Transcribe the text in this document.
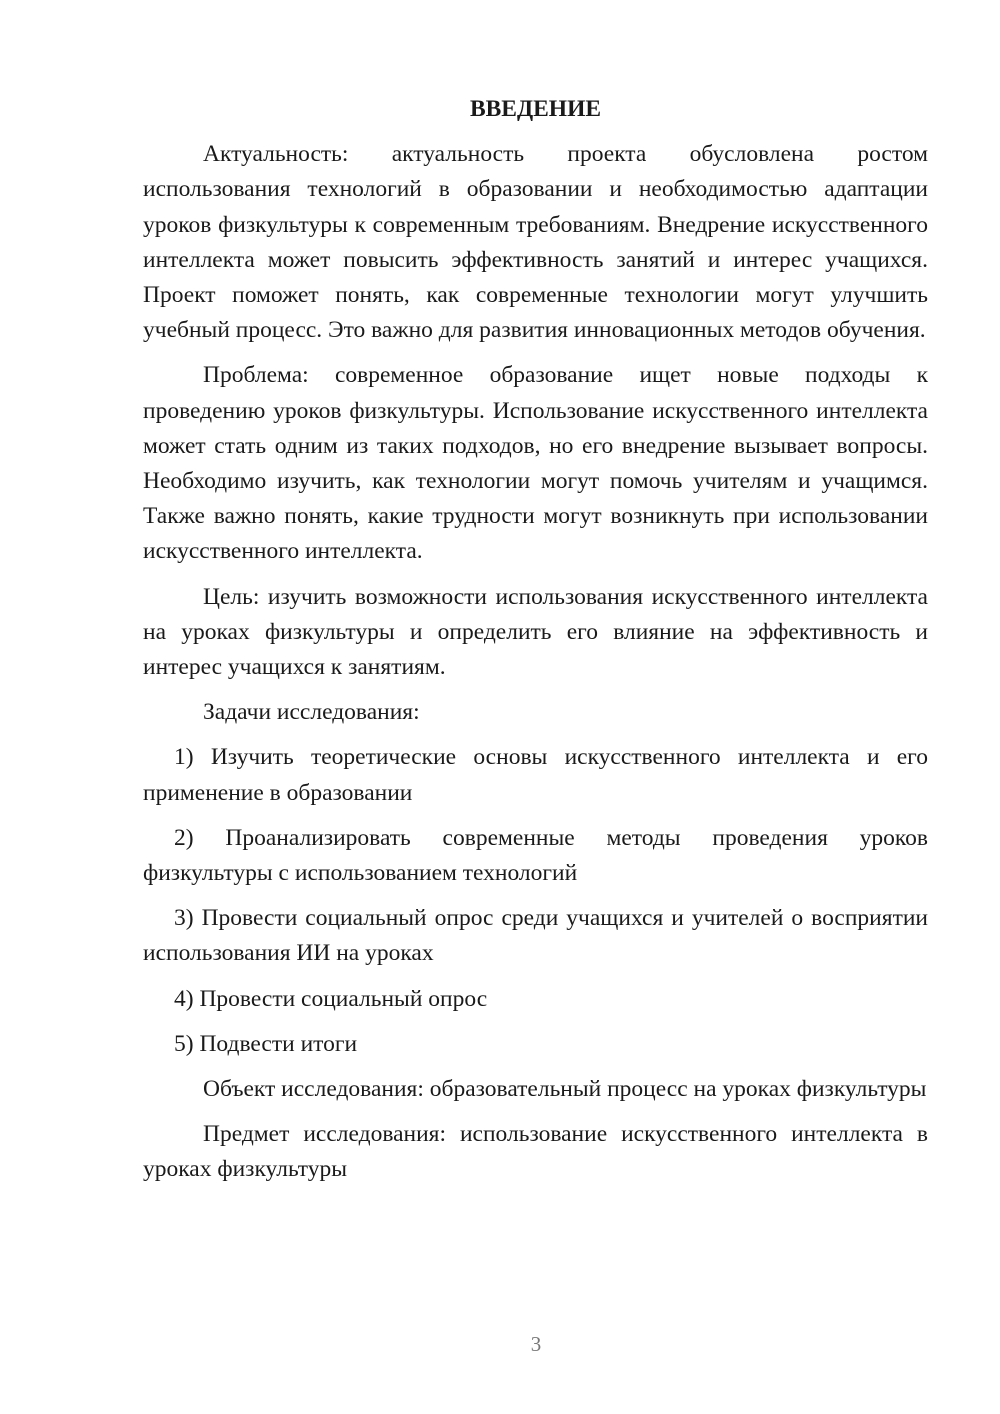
ВВЕДЕНИЕ

Актуальность: актуальность проекта обусловлена ростом использования технологий в образовании и необходимостью адаптации уроков физкультуры к современным требованиям. Внедрение искусственного интеллекта может повысить эффективность занятий и интерес учащихся. Проект поможет понять, как современные технологии могут улучшить учебный процесс. Это важно для развития инновационных методов обучения.

Проблема: современное образование ищет новые подходы к проведению уроков физкультуры. Использование искусственного интеллекта может стать одним из таких подходов, но его внедрение вызывает вопросы. Необходимо изучить, как технологии могут помочь учителям и учащимся. Также важно понять, какие трудности могут возникнуть при использовании искусственного интеллекта.

Цель: изучить возможности использования искусственного интеллекта на уроках физкультуры и определить его влияние на эффективность и интерес учащихся к занятиям.

Задачи исследования:

1) Изучить теоретические основы искусственного интеллекта и его применение в образовании

2) Проанализировать современные методы проведения уроков физкультуры с использованием технологий

3) Провести социальный опрос среди учащихся и учителей о восприятии использования ИИ на уроках

4) Провести социальный опрос

5) Подвести итоги

Объект исследования: образовательный процесс на уроках физкультуры

Предмет исследования: использование искусственного интеллекта в уроках физкультуры

3
